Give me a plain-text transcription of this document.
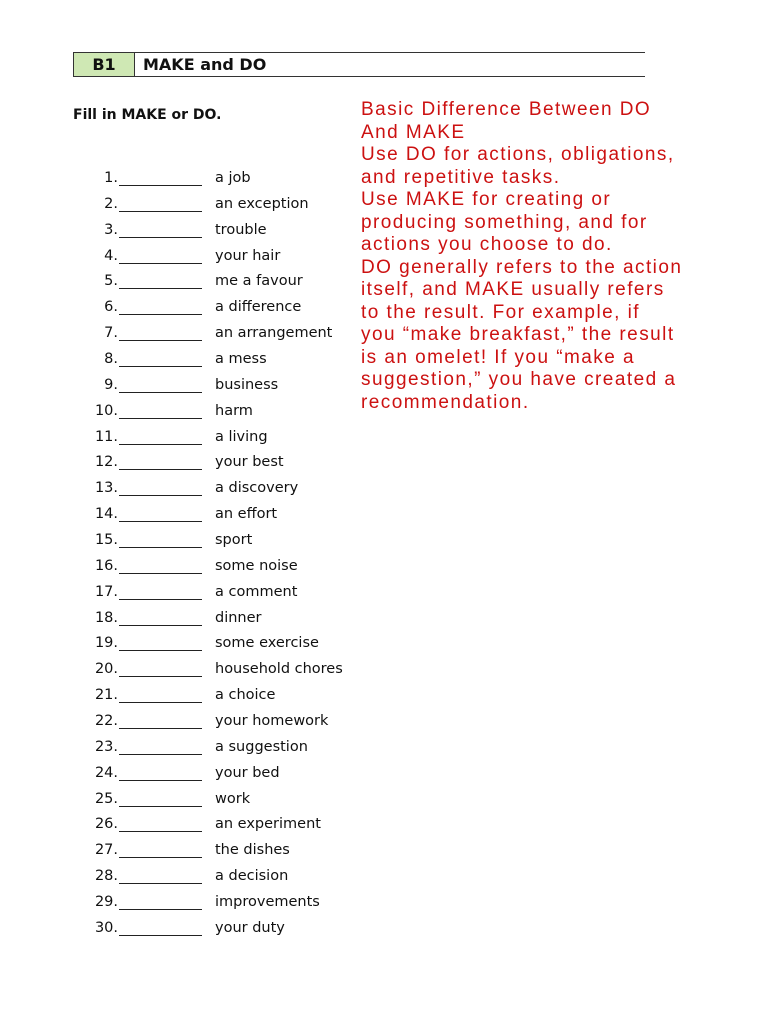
B1	MAKE and DO
Fill in MAKE or DO.
1.	a job
2.	an exception
3.	trouble
4.	your hair
5.	me a favour
6.	a difference
7.	an arrangement
8.	a mess
9.	business
10.	harm
11.	a living
12.	your best
13.	a discovery
14.	an effort
15.	sport
16.	some noise
17.	a comment
18.	dinner
19.	some exercise
20.	household chores
21.	a choice
22.	your homework
23.	a suggestion
24.	your bed
25.	work
26.	an experiment
27.	the dishes
28.	a decision
29.	improvements
30.	your duty
Basic Difference Between DO
And MAKE
Use DO for actions, obligations,
and repetitive tasks.
Use MAKE for creating or
producing something, and for
actions you choose to do.
DO generally refers to the action
itself, and MAKE usually refers
to the result. For example, if
you “make breakfast,” the result
is an omelet! If you “make a
suggestion,” you have created a
recommendation.
